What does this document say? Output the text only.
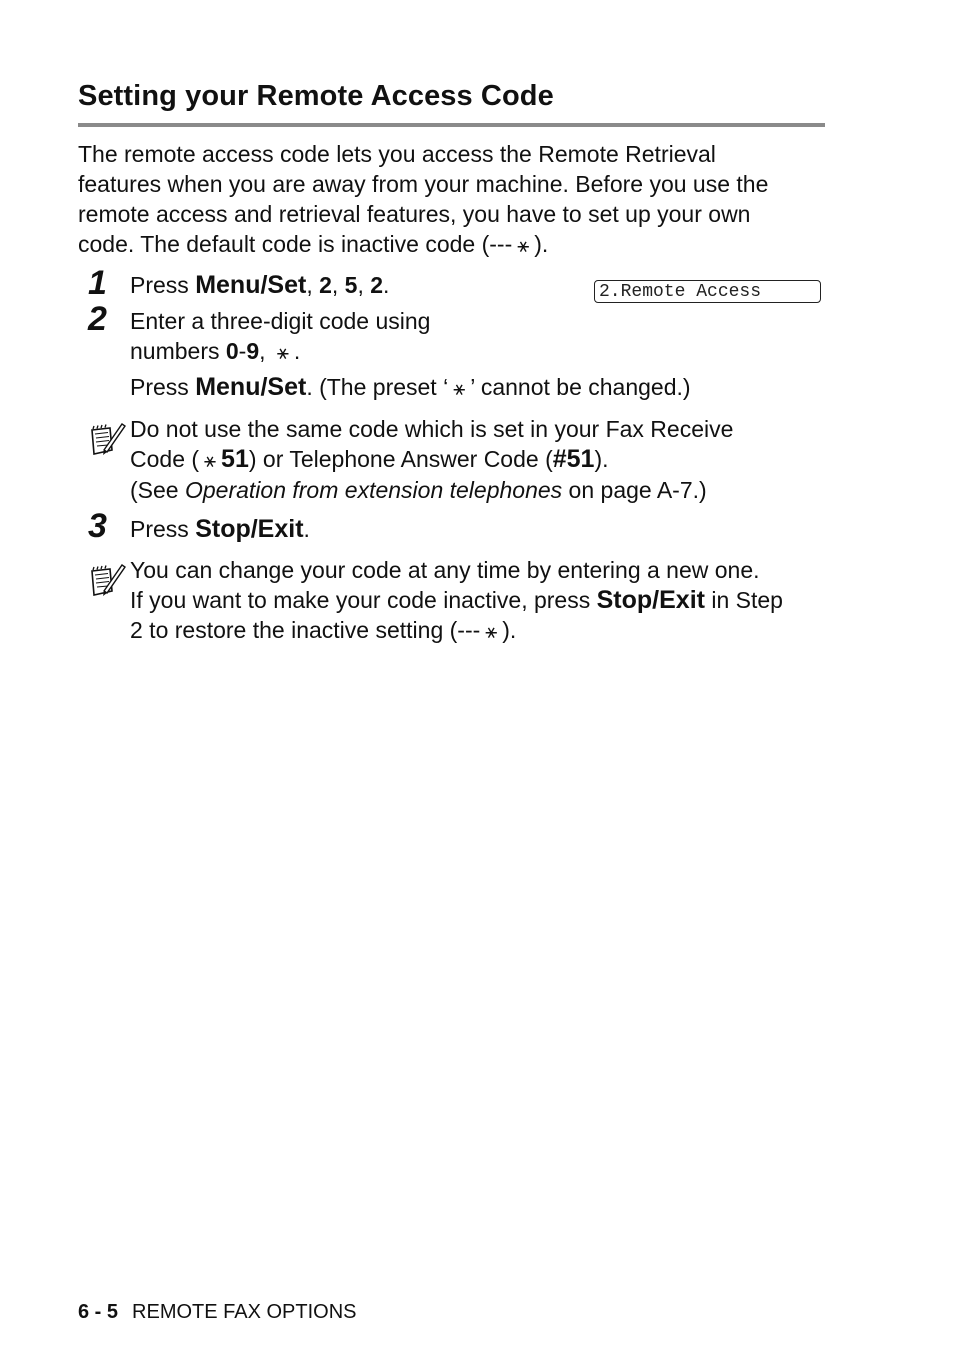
Setting your Remote Access Code
The remote access code lets you access the Remote Retrieval
features when you are away from your machine. Before you use the
remote access and retrieval features, you have to set up your own
code. The default code is inactive code (--- ⚹ ).
1 Press Menu/Set, 2, 5, 2.	2.Remote Access
2 Enter a three-digit code using
numbers 0-9, ⚹ .
Press Menu/Set. (The preset ‘ ⚹ ’ cannot be changed.)
Do not use the same code which is set in your Fax Receive
Code ( ⚹ 51) or Telephone Answer Code (#51).
(See Operation from extension telephones on page A-7.)
3 Press Stop/Exit.
You can change your code at any time by entering a new one.
If you want to make your code inactive, press Stop/Exit in Step
2 to restore the inactive setting (--- ⚹ ).
6 - 5 REMOTE FAX OPTIONS
